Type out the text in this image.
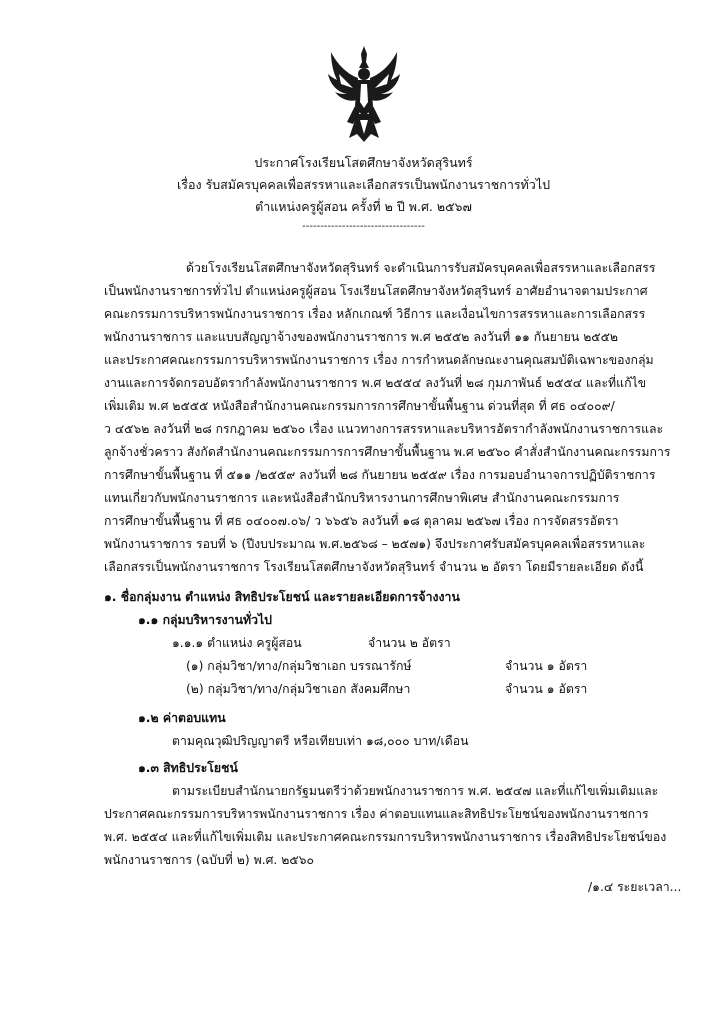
ประกาศโรงเรียนโสตศึกษาจังหวัดสุรินทร์
เรื่อง รับสมัครบุคคลเพื่อสรรหาและเลือกสรรเป็นพนักงานราชการทั่วไป
ตำแหน่งครูผู้สอน ครั้งที่ ๒ ปี พ.ศ. ๒๕๖๗
----------------------------------
ด้วยโรงเรียนโสตศึกษาจังหวัดสุรินทร์ จะดำเนินการรับสมัครบุคคลเพื่อสรรหาและเลือกสรร
เป็นพนักงานราชการทั่วไป ตำแหน่งครูผู้สอน โรงเรียนโสตศึกษาจังหวัดสุรินทร์ อาศัยอำนาจตามประกาศ
คณะกรรมการบริหารพนักงานราชการ เรื่อง หลักเกณฑ์ วิธีการ และเงื่อนไขการสรรหาและการเลือกสรร
พนักงานราชการ และแบบสัญญาจ้างของพนักงานราชการ พ.ศ ๒๕๕๒ ลงวันที่ ๑๑ กันยายน ๒๕๕๒
และประกาศคณะกรรมการบริหารพนักงานราชการ เรื่อง การกำหนดลักษณะงานคุณสมบัติเฉพาะของกลุ่ม
งานและการจัดกรอบอัตรากำลังพนักงานราชการ พ.ศ ๒๕๕๔ ลงวันที่ ๒๘ กุมภาพันธ์ ๒๕๕๔ และที่แก้ไข
เพิ่มเติม พ.ศ ๒๕๕๕ หนังสือสำนักงานคณะกรรมการการศึกษาขั้นพื้นฐาน ด่วนที่สุด ที่ ศธ ๐๔๐๐๙/
ว ๔๕๖๒ ลงวันที่ ๒๘ กรกฎาคม ๒๕๖๐ เรื่อง แนวทางการสรรหาและบริหารอัตรากำลังพนักงานราชการและ
ลูกจ้างชั่วคราว สังกัดสำนักงานคณะกรรมการการศึกษาขั้นพื้นฐาน พ.ศ ๒๕๖๐ คำสั่งสำนักงานคณะกรรมการ
การศึกษาขั้นพื้นฐาน ที่ ๕๑๑ /๒๕๕๙ ลงวันที่ ๒๘ กันยายน ๒๕๕๙ เรื่อง การมอบอำนาจการปฏิบัติราชการ
แทนเกี่ยวกับพนักงานราชการ และหนังสือสำนักบริหารงานการศึกษาพิเศษ สำนักงานคณะกรรมการ
การศึกษาขั้นพื้นฐาน ที่ ศธ ๐๔๐๐๗.๐๖/ ว ๖๖๕๖ ลงวันที่ ๑๘ ตุลาคม ๒๕๖๗ เรื่อง การจัดสรรอัตรา
พนักงานราชการ รอบที่ ๖ (ปีงบประมาณ พ.ศ.๒๕๖๘ – ๒๕๗๑) จึงประกาศรับสมัครบุคคลเพื่อสรรหาและ
เลือกสรรเป็นพนักงานราชการ โรงเรียนโสตศึกษาจังหวัดสุรินทร์ จำนวน ๒ อัตรา โดยมีรายละเอียด ดังนี้
๑. ชื่อกลุ่มงาน ตำแหน่ง สิทธิประโยชน์ และรายละเอียดการจ้างงาน
๑.๑ กลุ่มบริหารงานทั่วไป
๑.๑.๑ ตำแหน่ง ครูผู้สอน	จำนวน ๒ อัตรา
(๑) กลุ่มวิชา/ทาง/กลุ่มวิชาเอก บรรณารักษ์	จำนวน ๑ อัตรา
(๒) กลุ่มวิชา/ทาง/กลุ่มวิชาเอก สังคมศึกษา	จำนวน ๑ อัตรา
๑.๒ ค่าตอบแทน
ตามคุณวุฒิปริญญาตรี หรือเทียบเท่า ๑๘,๐๐๐ บาท/เดือน
๑.๓ สิทธิประโยชน์
ตามระเบียบสำนักนายกรัฐมนตรีว่าด้วยพนักงานราชการ พ.ศ. ๒๕๔๗ และที่แก้ไขเพิ่มเติมและ
ประกาศคณะกรรมการบริหารพนักงานราชการ เรื่อง ค่าตอบแทนและสิทธิประโยชน์ของพนักงานราชการ
พ.ศ. ๒๕๕๔ และที่แก้ไขเพิ่มเติม และประกาศคณะกรรมการบริหารพนักงานราชการ เรื่องสิทธิประโยชน์ของ
พนักงานราชการ (ฉบับที่ ๒) พ.ศ. ๒๕๖๐
/๑.๔ ระยะเวลา...
